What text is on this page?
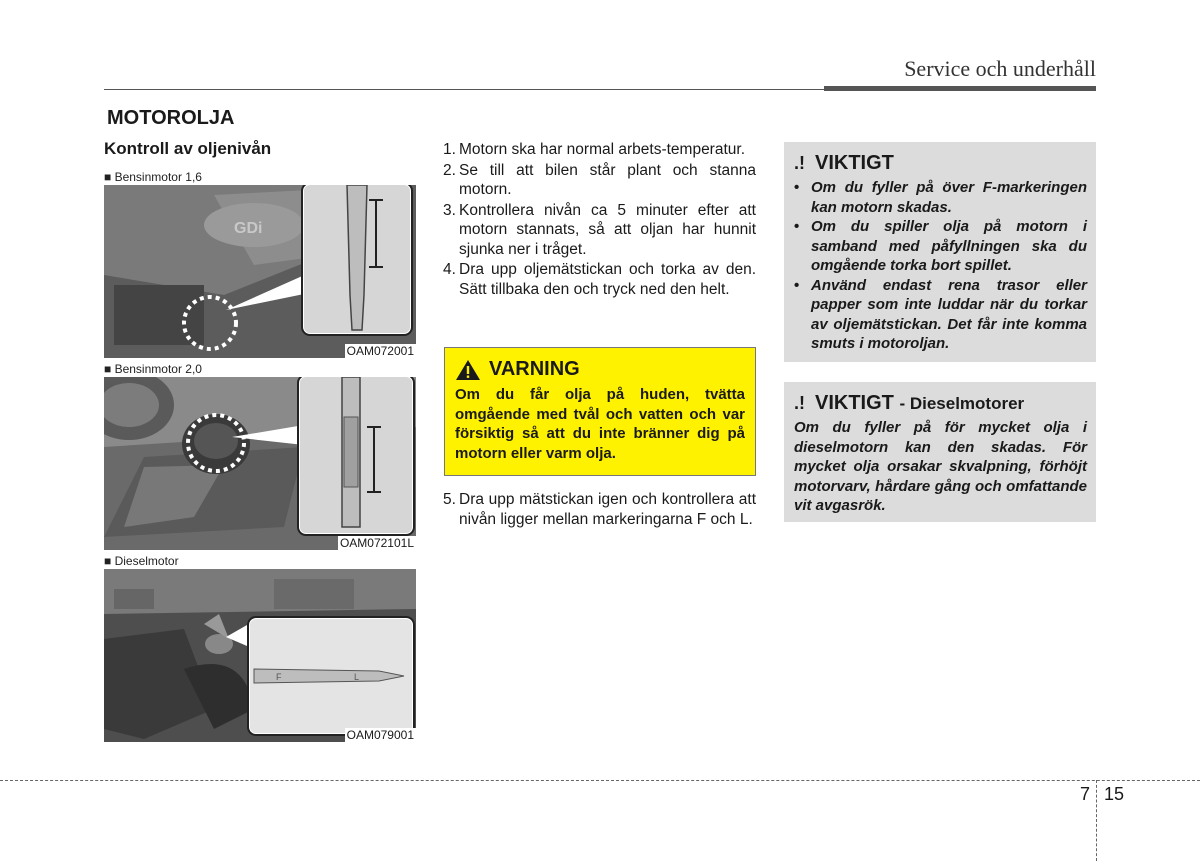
Service och underhåll
MOTOROLJA
Kontroll av oljenivån
■ Bensinmotor 1,6
GDi
OAM072001
■ Bensinmotor 2,0
OAM072101L
■ Dieselmotor
F	L
OAM079001
1. Motorn ska har normal arbets-temperatur.
2. Se till att bilen står plant och stanna motorn.
3. Kontrollera nivån ca 5 minuter efter att motorn stannats, så att oljan har hunnit sjunka ner i tråget.
4. Dra upp oljemätstickan och torka av den. Sätt tillbaka den och tryck ned den helt.
VARNING
Om du får olja på huden, tvätta omgående med tvål och vatten och var försiktig så att du inte bränner dig på motorn eller varm olja.
5. Dra upp mätstickan igen och kontrollera att nivån ligger mellan markeringarna F och L.
.! VIKTIGT
• Om du fyller på över F-markeringen kan motorn skadas.
• Om du spiller olja på motorn i samband med påfyllningen ska du omgående torka bort spillet.
• Använd endast rena trasor eller papper som inte luddar när du torkar av oljemätstickan. Det får inte komma smuts i motoroljan.
.! VIKTIGT - Dieselmotorer
Om du fyller på för mycket olja i dieselmotorn kan den skadas. För mycket olja orsakar skvalpning, förhöjt motorvarv, hårdare gång och omfattande vit avgasrök.
7 15
